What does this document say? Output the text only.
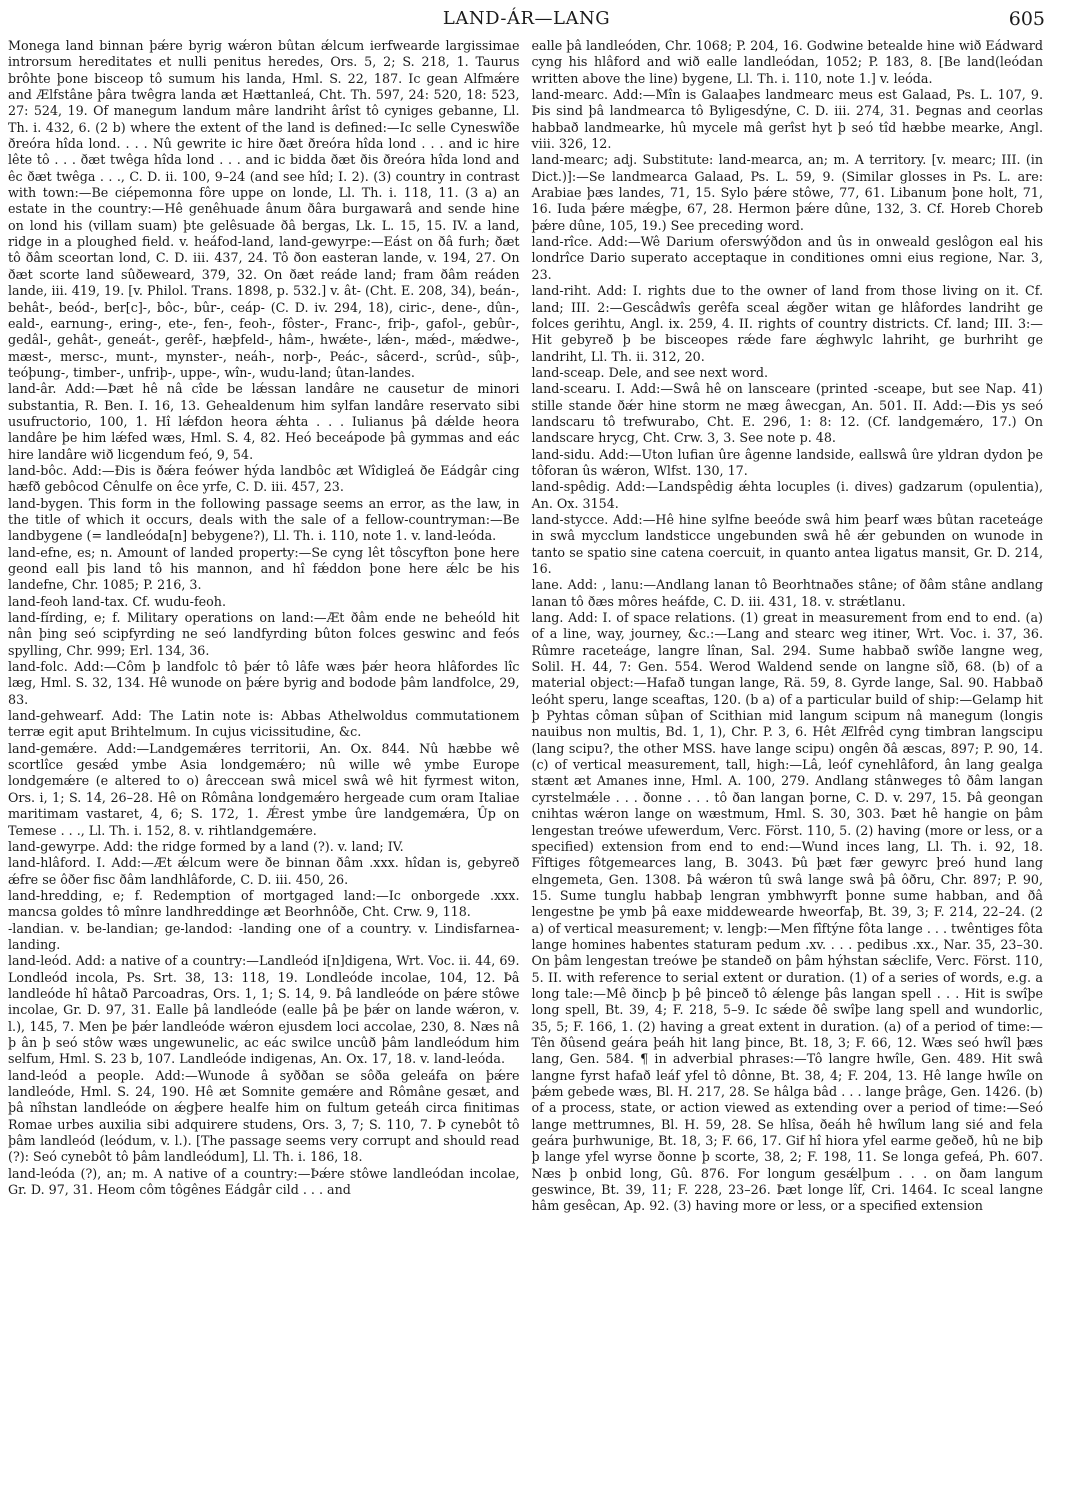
LAND-ÁR—LANG	605

Monega land binnan þǽre byrig wǽron bûtan ǽlcum ierfwearde largissimae introrsum hereditates et nulli penitus heredes, Ors. 5, 2; S. 218, 1. Taurus brôhte þone bisceop tô sumum his landa, Hml. S. 22, 187. Ic gean Alfmǽre and Ælfstâne þâra twêgra landa æt Hættanleá, Cht. Th. 597, 24: 520, 18: 523, 27: 524, 19. Of manegum landum mâre landriht ârîst tô cyniges gebanne, Ll. Th. i. 432, 6. (2 b) where the extent of the land is defined:—Ic selle Cyneswîðe ðreóra hîda lond. . . . Nû gewrite ic hire ðæt ðreóra hîda lond . . . and ic hire lête tô . . . ðæt twêga hîda lond . . . and ic bidda ðæt ðis ðreóra hîda lond and êc ðæt twêga . . ., C. D. ii. 100, 9–24 (and see hîd; I. 2). (3) country in contrast with town:—Be ciépemonna fôre uppe on londe, Ll. Th. i. 118, 11. (3 a) an estate in the country:—Hê genêhuade ânum ðâra burgawarâ and sende hine on lond his (villam suam) þte gelêsuade ðâ bergas, Lk. L. 15, 15. IV. a land, ridge in a ploughed field. v. heáfod-land, land-gewyrpe:—Eást on ðâ furh; ðæt tô ðâm sceortan lond, C. D. iii. 437, 24. Tô ðon easteran lande, v. 194, 27. On ðæt scorte land sûðeweard, 379, 32. On ðæt reáde land; fram ðâm reáden lande, iii. 419, 19. [v. Philol. Trans. 1898, p. 532.] v. ât- (Cht. E. 208, 34), beán-, behât-, beód-, ber[c]-, bôc-, bûr-, ceáp- (C. D. iv. 294, 18), ciric-, dene-, dûn-, eald-, earnung-, ering-, ete-, fen-, feoh-, fôster-, Franc-, friþ-, gafol-, gebûr-, gedâl-, gehât-, geneát-, gerêf-, hæþfeld-, hâm-, hwǽte-, lǽn-, mǽd-, mǽdwe-, mæst-, mersc-, munt-, mynster-, neáh-, norþ-, Peác-, sâcerd-, scrûd-, sûþ-, teóþung-, timber-, unfriþ-, uppe-, wîn-, wudu-land; ûtan-landes.

land-âr. Add:—Þæt hê nâ cîde be lǽssan landâre ne causetur de minori substantia, R. Ben. I. 16, 13. Gehealdenum him sylfan landâre reservato sibi usufructorio, 100, 1. Hî lǽfdon heora ǽhta . . . Iulianus þâ dǽlde heora landâre þe him lǽfed wæs, Hml. S. 4, 82. Heó beceápode þâ gymmas and eác hire landâre wið licgendum feó, 9, 54.

land-bôc. Add:—Ðis is ðǽra feówer hýda landbôc æt Wîdigleá ðe Eádgâr cing hæfð gebôcod Cênulfe on êce yrfe, C. D. iii. 457, 23.

land-bygen. This form in the following passage seems an error, as the law, in the title of which it occurs, deals with the sale of a fellow-countryman:—Be landbygene (= landleóda[n] bebygene?), Ll. Th. i. 110, note 1. v. land-leóda.

land-efne, es; n. Amount of landed property:—Se cyng lêt tôscyfton þone here geond eall þis land tô his mannon, and hî fǽddon þone here ǽlc be his landefne, Chr. 1085; P. 216, 3.

land-feoh land-tax. Cf. wudu-feoh.

land-fírding, e; f. Military operations on land:—Æt ðâm ende ne beheóld hit nân þing seó scipfyrding ne seó landfyrding bûton folces geswinc and feós spylling, Chr. 999; Erl. 134, 36.

land-folc. Add:—Côm þ landfolc tô þǽr tô lâfe wæs þǽr heora hlâfordes lîc læg, Hml. S. 32, 134. Hê wunode on þǽre byrig and bodode þâm landfolce, 29, 83.

land-gehwearf. Add: The Latin note is: Abbas Athelwoldus commutationem terræ egit aput Brihtelmum. In cujus vicissitudine, &c.

land-gemǽre. Add:—Landgemǽres territorii, An. Ox. 844. Nû hæbbe wê scortlîce gesǽd ymbe Asia londgemǽro; nû wille wê ymbe Europe londgemǽre (e altered to o) âreccean swâ micel swâ wê hit fyrmest witon, Ors. i, 1; S. 14, 26–28. Hê on Rômâna londgemǽro hergeade cum oram Italiae maritimam vastaret, 4, 6; S. 172, 1. Ǽrest ymbe ûre landgemǽra, Ûp on Temese . . ., Ll. Th. i. 152, 8. v. rihtlandgemǽre.

land-gewyrpe. Add: the ridge formed by a land (?). v. land; IV.

land-hlâford. I. Add:—Æt ǽlcum were ðe binnan ðâm .xxx. hîdan is, gebyreð ǽfre se ôðer fisc ðâm landhlâforde, C. D. iii. 450, 26.

land-hredding, e; f. Redemption of mortgaged land:—Ic onborgede .xxx. mancsa goldes tô mînre landhreddinge æt Beorhnôðe, Cht. Crw. 9, 118.

-landian. v. be-landian; ge-landod: -landing one of a country. v. Lindisfarnea-landing.

land-leód. Add: a native of a country:—Landleód i[n]digena, Wrt. Voc. ii. 44, 69. Londleód incola, Ps. Srt. 38, 13: 118, 19. Londleóde incolae, 104, 12. Þâ landleóde hî hâtað Parcoadras, Ors. 1, 1; S. 14, 9. Þâ landleóde on þǽre stôwe incolae, Gr. D. 97, 31. Ealle þâ landleóde (ealle þâ þe þǽr on lande wǽron, v. l.), 145, 7. Men þe þǽr landleóde wǽron ejusdem loci accolae, 230, 8. Næs nâ þ ân þ seó stôw wæs ungewunelic, ac eác swilce uncûð þâm landleódum him selfum, Hml. S. 23 b, 107. Landleóde indigenas, An. Ox. 17, 18. v. land-leóda.

land-leód a people. Add:—Wunode â syððan se sôða geleáfa on þǽre landleóde, Hml. S. 24, 190. Hê æt Somnite gemǽre and Rômâne gesæt, and þâ nîhstan landleóde on ǽgþere healfe him on fultum geteáh circa finitimas Romae urbes auxilia sibi adquirere studens, Ors. 3, 7; S. 110, 7. Þ cynebôt tô þâm landleód (leódum, v. l.). [The passage seems very corrupt and should read (?): Seó cynebôt tô þâm landleódum], Ll. Th. i. 186, 18.

land-leóda (?), an; m. A native of a country:—Þǽre stôwe landleódan incolae, Gr. D. 97, 31. Heom côm tôgênes Eádgâr cild . . . and

ealle þâ landleóden, Chr. 1068; P. 204, 16. Godwine betealde hine wið Eádward cyng his hlâford and wið ealle landleódan, 1052; P. 183, 8. [Be land(leódan written above the line) bygene, Ll. Th. i. 110, note 1.] v. leóda.

land-mearc. Add:—Mîn is Galaaþes landmearc meus est Galaad, Ps. L. 107, 9. Þis sind þâ landmearca tô Byligesdýne, C. D. iii. 274, 31. Þegnas and ceorlas habbað landmearke, hû mycele mâ gerîst hyt þ seó tîd hæbbe mearke, Angl. viii. 326, 12.

land-mearc; adj. Substitute: land-mearca, an; m. A territory. [v. mearc; III. (in Dict.)]:—Se landmearca Galaad, Ps. L. 59, 9. (Similar glosses in Ps. L. are: Arabiae þæs landes, 71, 15. Sylo þǽre stôwe, 77, 61. Libanum þone holt, 71, 16. Iuda þǽre mǽgþe, 67, 28. Hermon þǽre dûne, 132, 3. Cf. Horeb Choreb þǽre dûne, 105, 19.) See preceding word.

land-rîce. Add:—Wê Darium oferswýðdon and ûs in onweald geslôgon eal his londrîce Dario superato acceptaque in conditiones omni eius regione, Nar. 3, 23.

land-riht. Add: I. rights due to the owner of land from those living on it. Cf. land; III. 2:—Gescâdwîs gerêfa sceal ǽgðer witan ge hlâfordes landriht ge folces gerihtu, Angl. ix. 259, 4. II. rights of country districts. Cf. land; III. 3:—Hit gebyreð þ be bisceopes rǽde fare ǽghwylc lahriht, ge burhriht ge landriht, Ll. Th. ii. 312, 20.

land-sceap. Dele, and see next word.

land-scearu. I. Add:—Swâ hê on lansceare (printed -sceape, but see Nap. 41) stille stande ðǽr hine storm ne mæg âwecgan, An. 501. II. Add:—Ðis ys seó landscaru tô trefwurabo, Cht. E. 296, 1: 8: 12. (Cf. landgemǽro, 17.) On landscare hrycg, Cht. Crw. 3, 3. See note p. 48.

land-sidu. Add:—Uton lufian ûre âgenne landside, eallswâ ûre yldran dydon þe tôforan ûs wǽron, Wlfst. 130, 17.

land-spêdig. Add:—Landspêdig ǽhta locuples (i. dives) gadzarum (opulentia), An. Ox. 3154.

land-stycce. Add:—Hê hine sylfne beeóde swâ him þearf wæs bûtan raceteáge in swâ mycclum landsticce ungebunden swâ hê ǽr gebunden on wunode in tanto se spatio sine catena coercuit, in quanto antea ligatus mansit, Gr. D. 214, 16.

lane. Add: , lanu:—Andlang lanan tô Beorhtnaðes stâne; of ðâm stâne andlang lanan tô ðæs môres heáfde, C. D. iii. 431, 18. v. strǽtlanu.

lang. Add: I. of space relations. (1) great in measurement from end to end. (a) of a line, way, journey, &c.:—Lang and stearc weg itiner, Wrt. Voc. i. 37, 36. Rûmre raceteáge, langre lînan, Sal. 294. Sume habbað swîðe langne weg, Solil. H. 44, 7: Gen. 554. Werod Waldend sende on langne sîð, 68. (b) of a material object:—Hafað tungan lange, Rä. 59, 8. Gyrde lange, Sal. 90. Habbað leóht speru, lange sceaftas, 120. (b a) of a particular build of ship:—Gelamp hit þ Pyhtas côman sûþan of Scithian mid langum scipum nâ manegum (longis nauibus non multis, Bd. 1, 1), Chr. P. 3, 6. Hêt Ælfrêd cyng timbran langscipu (lang scipu?, the other MSS. have lange scipu) ongên ðâ æscas, 897; P. 90, 14. (c) of vertical measurement, tall, high:—Lâ, leóf cynehlâford, ân lang gealga stænt æt Amanes inne, Hml. A. 100, 279. Andlang stânweges tô ðâm langan cyrstelmǽle . . . ðonne . . . tô ðan langan þorne, C. D. v. 297, 15. Þâ geongan cnihtas wǽron lange on wæstmum, Hml. S. 30, 303. Þæt hê hangie on þâm lengestan treówe ufewerdum, Verc. Först. 110, 5. (2) having (more or less, or a specified) extension from end to end:—Wund inces lang, Ll. Th. i. 92, 18. Fîftiges fôtgemearces lang, B. 3043. Þû þæt fær gewyrc þreó hund lang elngemeta, Gen. 1308. Þâ wǽron tû swâ lange swâ þâ ôðru, Chr. 897; P. 90, 15. Sume tunglu habbaþ lengran ymbhwyrft þonne sume habban, and ðâ lengestne þe ymb þâ eaxe middewearde hweorfaþ, Bt. 39, 3; F. 214, 22–24. (2 a) of vertical measurement; v. lengþ:—Men fîftýne fôta lange . . . twêntiges fôta lange homines habentes staturam pedum .xv. . . . pedibus .xx., Nar. 35, 23–30. On þâm lengestan treówe þe standeð on þâm hýhstan sǽclife, Verc. Först. 110, 5. II. with reference to serial extent or duration. (1) of a series of words, e.g. a long tale:—Mê ðincþ þ þê þinceð tô ǽlenge þâs langan spell . . . Hit is swîþe long spell, Bt. 39, 4; F. 218, 5–9. Ic sǽde ðê swîþe lang spell and wundorlic, 35, 5; F. 166, 1. (2) having a great extent in duration. (a) of a period of time:—Tên ðûsend geára þeáh hit lang þince, Bt. 18, 3; F. 66, 12. Wæs seó hwîl þæs lang, Gen. 584. ¶ in adverbial phrases:—Tô langre hwîle, Gen. 489. Hit swâ langne fyrst hafað leáf yfel tô dônne, Bt. 38, 4; F. 204, 13. Hê lange hwîle on þǽm gebede wæs, Bl. H. 217, 28. Se hâlga bâd . . . lange þrâge, Gen. 1426. (b) of a process, state, or action viewed as extending over a period of time:—Seó lange mettrumnes, Bl. H. 59, 28. Se hlîsa, ðeáh hê hwîlum lang sié and fela geára þurhwunige, Bt. 18, 3; F. 66, 17. Gif hî hiora yfel earme geðeð, hû ne biþ þ lange yfel wyrse ðonne þ scorte, 38, 2; F. 198, 11. Se longa gefeá, Ph. 607. Næs þ onbid long, Gû. 876. For longum gesǽlþum . . . on ðam langum geswince, Bt. 39, 11; F. 228, 23–26. Þæt longe lîf, Cri. 1464. Ic sceal langne hâm gesêcan, Ap. 92. (3) having more or less, or a specified extension
